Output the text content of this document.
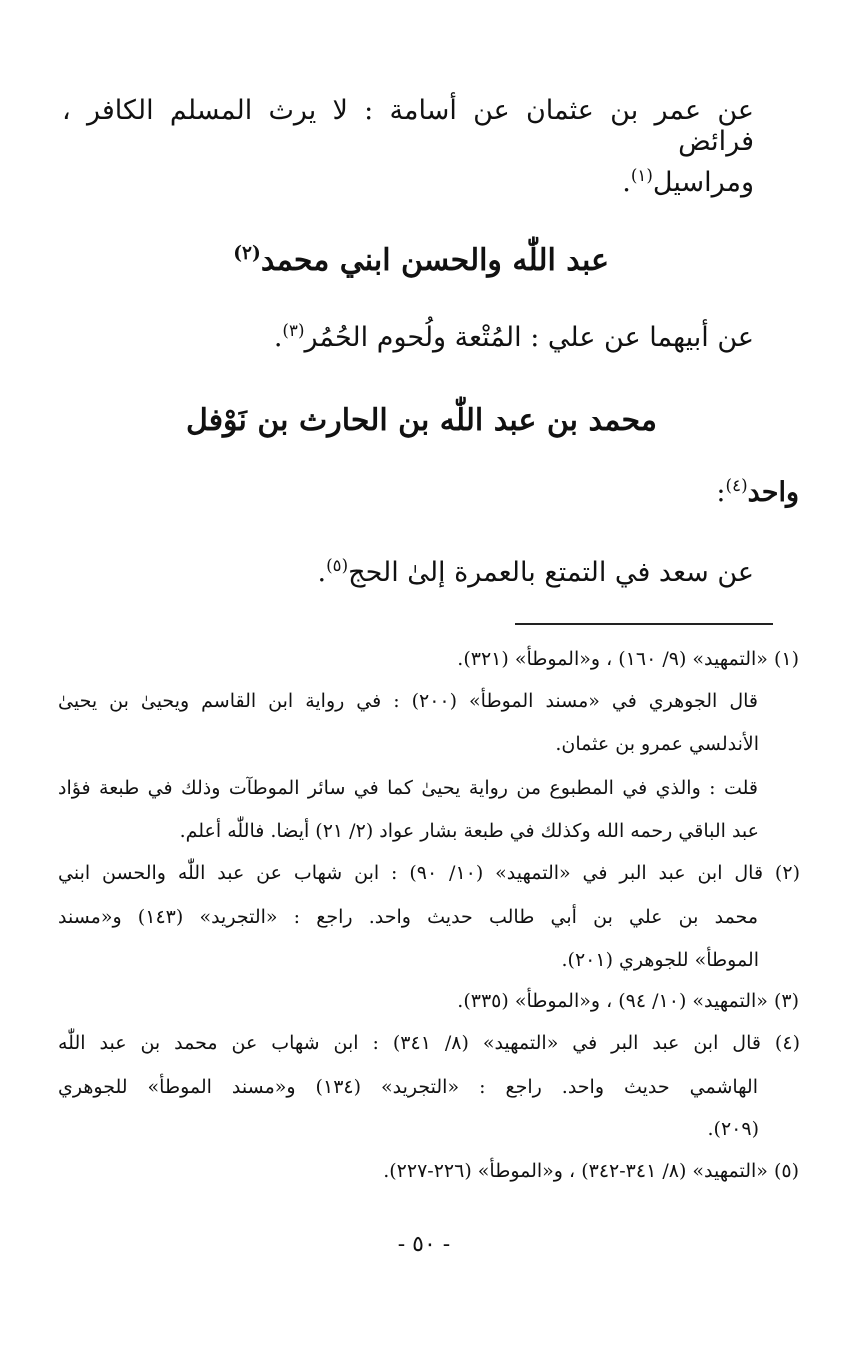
عن عمر بن عثمان عن أسامة : لا يرث المسلم الكافر ، فرائض
ومراسيل$^{(١)}$.
عبد اللّٰه والحسن ابني محمد$^{(٢)}$
عن أبيهما عن علي : المُتْعة ولُحوم الحُمُر$^{(٣)}$.
محمد بن عبد اللّٰه بن الحارث بن نَوْفل
واحد$^{(٤)}$:
عن سعد في التمتع بالعمرة إلىٰ الحج$^{(٥)}$.
(١) «التمهيد» (٩/ ١٦٠) ، و«الموطأ» (٣٢١).
قال الجوهري في «مسند الموطأ» (٢٠٠) : في رواية ابن القاسم ويحيىٰ بن يحيىٰ
الأندلسي عمرو بن عثمان.
قلت : والذي في المطبوع من رواية يحيىٰ كما في سائر الموطآت وذلك في طبعة فؤاد
عبد الباقي رحمه الله وكذلك في طبعة بشار عواد (٢/ ٢١) أيضا. فاللّٰه أعلم.
(٢) قال ابن عبد البر في «التمهيد» (١٠/ ٩٠) : ابن شهاب عن عبد اللّٰه والحسن ابني
محمد بن علي بن أبي طالب حديث واحد. راجع : «التجريد» (١٤٣) و«مسند
الموطأ» للجوهري (٢٠١).
(٣) «التمهيد» (١٠/ ٩٤) ، و«الموطأ» (٣٣٥).
(٤) قال ابن عبد البر في «التمهيد» (٨/ ٣٤١) : ابن شهاب عن محمد بن عبد اللّٰه
الهاشمي حديث واحد. راجع : «التجريد» (١٣٤) و«مسند الموطأ» للجوهري
(٢٠٩).
(٥) «التمهيد» (٨/ ٣٤١-٣٤٢) ، و«الموطأ» (٢٢٦-٢٢٧).
- ٥٠ -
